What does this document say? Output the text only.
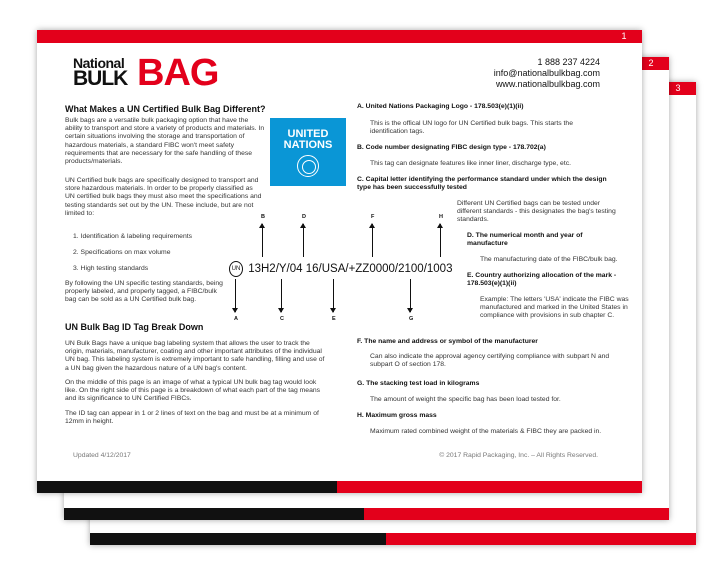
3
2
1
National
BULK BAG	1 888 237 4224
info@nationalbulkbag.com
www.nationalbulkbag.com
What Makes a UN Certified Bulk Bag Different?

Bulk bags are a versatile bulk packaging option that have the ability to transport and store a variety of products and materials. In certain situations involving the storage and transportation of hazardous materials, a standard FIBC won't meet safety requirements that are necessary for the safe handling of these products/materials.

UN Certified bulk bags are specifically designed to transport and store hazardous materials. In order to be properly classified as UN certified bulk bags they must also meet the specifications and testing standards set out by the UN. These include, but are not limited to:

1. Identification & labeling requirements
2. Specifications on max volume
3. High testing standards

By following the UN specific testing standards, being properly labeled, and properly tagged, a FIBC/bulk bag can be sold as a UN Certified bulk bag.

UN Bulk Bag ID Tag Break Down

UN Bulk Bags have a unique bag labeling system that allows the user to track the origin, materials, manufacturer, coating and other important attributes of the individual UN bag. This labeling system is extremely important to safe handling, filling and use of a UN bag given the hazardous nature of a UN bag's content.

On the middle of this page is an image of what a typical UN bulk bag tag would look like. On the right side of this page is a breakdown of what each part of the tag means and its significance to UN Certified FIBCs.

The ID tag can appear in 1 or 2 lines of text on the bag and must be at a minimum of 12mm in height.

UNITED
NATIONS
B	D	F	H
UN 13H2/Y/04 16/USA/+ZZ0000/2100/1003
A	C	E	G
A. United Nations Packaging Logo - 178.503(e)(1)(ii)
This is the offical UN logo for UN Certified bulk bags. This starts the identification tags.
B. Code number designating FIBC design type - 178.702(a)
This tag can designate features like inner liner, discharge type, etc.
C. Capital letter identifying the performance standard under which the design type has been successfully tested
Different UN Certified bags can be tested under different standards - this designates the bag's testing standards.
D. The numerical month and year of manufacture
The manufacturing date of the FIBC/bulk bag.
E. Country authorizing allocation of the mark - 178.503(e)(1)(ii)
Example: The letters 'USA' indicate the FIBC was manufactured and marked in the United States in compliance with provisions in sub chapter C.
F. The name and address or symbol of the manufacturer
Can also indicate the approval agency certifying compliance with subpart N and subpart O of section 178.
G. The stacking test load in kilograms
The amount of weight the specific bag has been load tested for.
H. Maximum gross mass
Maximum rated combined weight of the materials & FIBC they are packed in.
Updated 4/12/2017	© 2017 Rapid Packaging, Inc. – All Rights Reserved.
